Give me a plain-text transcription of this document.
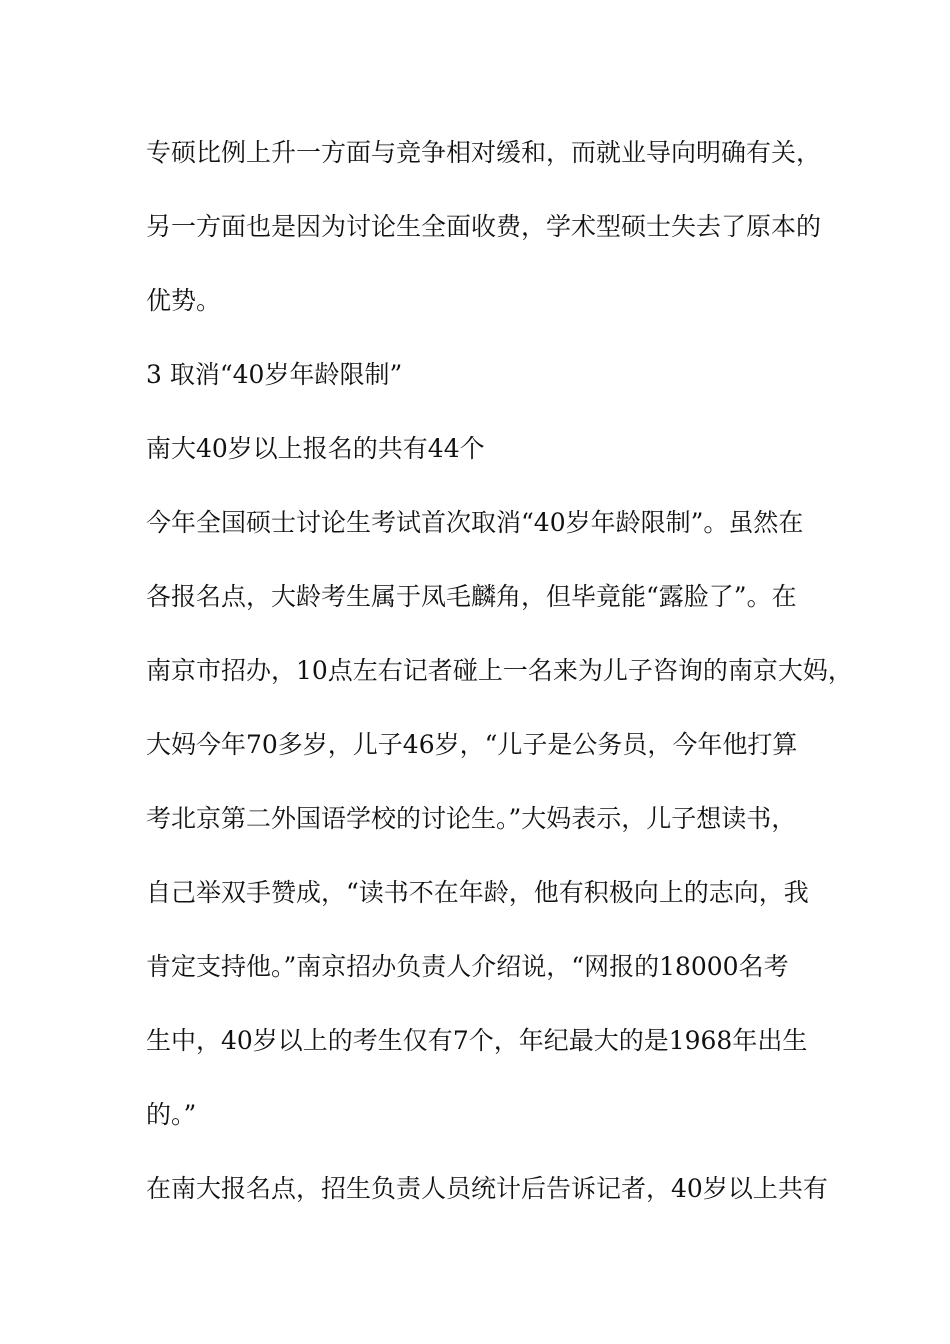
专硕比例上升一方面与竞争相对缓和，而就业导向明确有关，
另一方面也是因为讨论生全面收费，学术型硕士失去了原本的
优势。
3 取消“40岁年龄限制”
南大40岁以上报名的共有44个
今年全国硕士讨论生考试首次取消“40岁年龄限制”。虽然在
各报名点，大龄考生属于凤毛麟角，但毕竟能“露脸了”。在
南京市招办，10点左右记者碰上一名来为儿子咨询的南京大妈，
大妈今年70多岁，儿子46岁，“儿子是公务员，今年他打算
考北京第二外国语学校的讨论生。”大妈表示，儿子想读书，
自己举双手赞成，“读书不在年龄，他有积极向上的志向，我
肯定支持他。”南京招办负责人介绍说，“网报的18000名考
生中，40岁以上的考生仅有7个，年纪最大的是1968年出生
的。”
在南大报名点，招生负责人员统计后告诉记者，40岁以上共有
